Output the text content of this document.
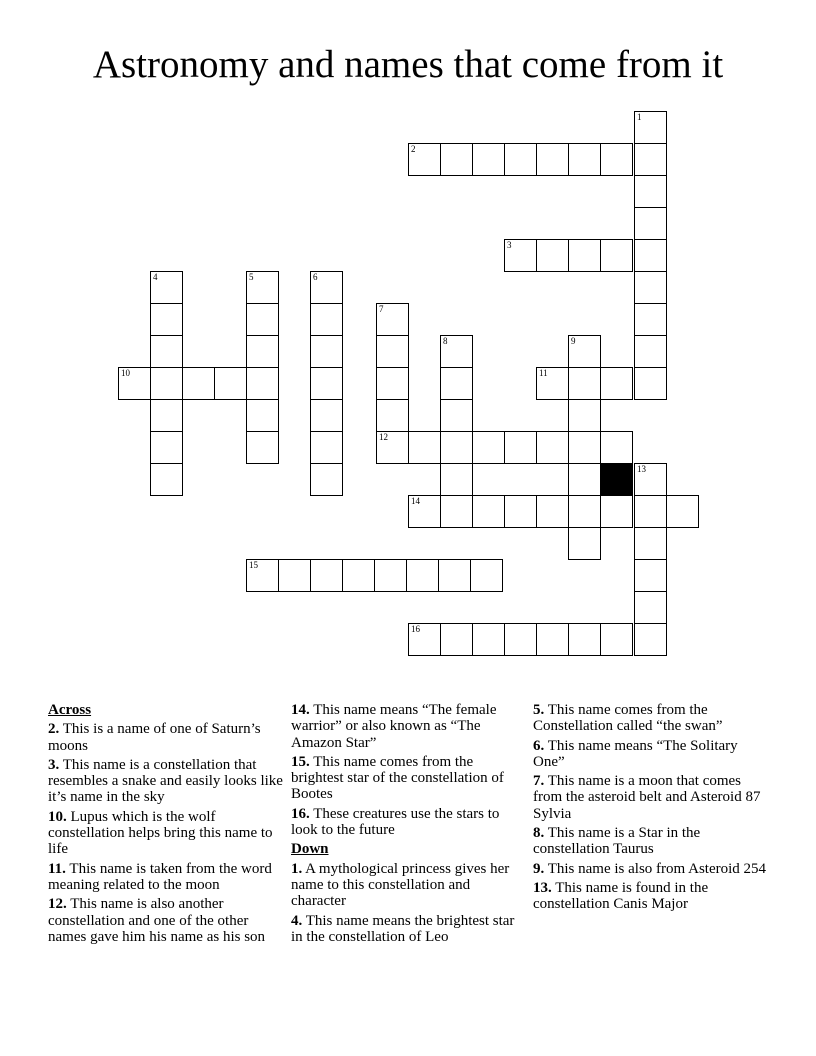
Astronomy and names that come from it
1
2
3
4	5	6
7
12
8	9
10	11
13
14
15
16
Across
2. This is a name of one of Saturn’s moons
3. This name is a constellation that resembles a snake and easily looks like it’s name in the sky
10. Lupus which is the wolf constellation helps bring this name to life
11. This name is taken from the word meaning related to the moon
12. This name is also another constellation and one of the other names gave him his name as his son
14. This name means “The female warrior” or also known as “The Amazon Star”
15. This name comes from the brightest star of the constellation of Bootes
16. These creatures use the stars to look to the future
Down
1. A mythological princess gives her name to this constellation and character
4. This name means the brightest star in the constellation of Leo
5. This name comes from the Constellation called “the swan”
6. This name means “The Solitary One”
7. This name is a moon that comes from the asteroid belt and Asteroid 87 Sylvia
8. This name is a Star in the constellation Taurus
9. This name is also from Asteroid 254
13. This name is found in the constellation Canis Major
